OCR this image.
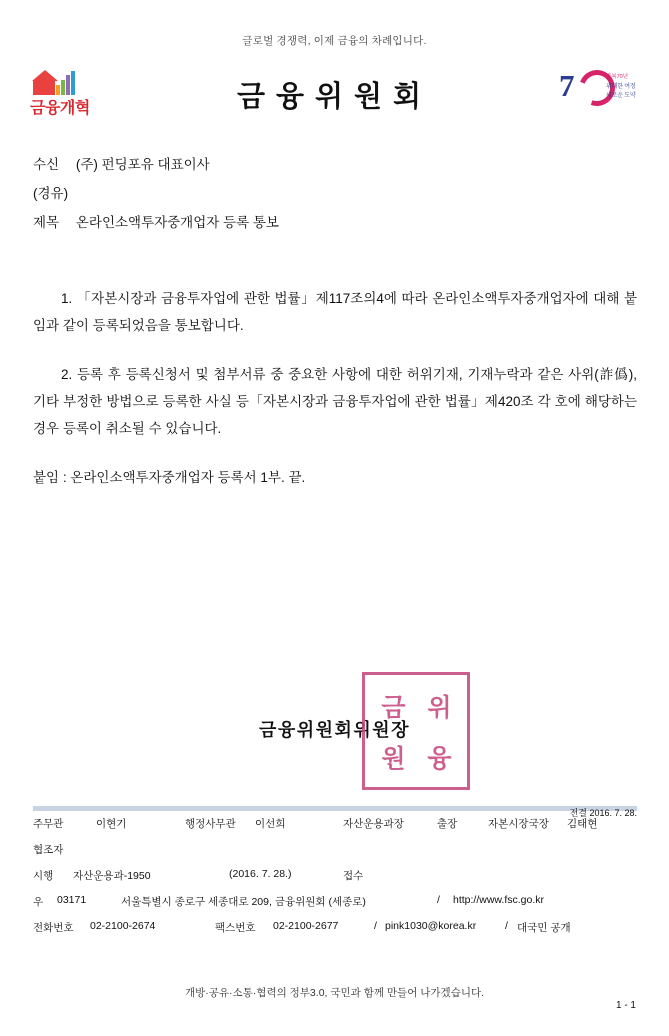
글로벌 경쟁력, 이제 금융의 차례입니다.
금융개혁	금융위원회	7	광복70년
위대한 여정
새로운 도약
수신 (주) 펀딩포유 대표이사
(경유)
제목 온라인소액투자중개업자 등록 통보

1. 「자본시장과 금융투자업에 관한 법률」제117조의4에 따라 온라인소액투자중개업자에 대해 붙임과 같이 등록되었음을 통보합니다.

2. 등록 후 등록신청서 및 첨부서류 중 중요한 사항에 대한 허위기재, 기재누락과 같은 사위(詐僞), 기타 부정한 방법으로 등록한 사실 등「자본시장과 금융투자업에 관한 법률」제420조 각 호에 해당하는 경우 등록이 취소될 수 있습니다.

붙임 : 온라인소액투자중개업자 등록서 1부. 끝.

금융위원회위원장
금 위
원 융
전결 2016. 7. 28.
주무관	이현기	행정사무관 이선희	자산운용과장	출장	자본시장국장 김태현
협조자
시행 자산운용과-1950	(2016. 7. 28.)	접수
우 03171	서울특별시 종로구 세종대로 209, 금융위원회 (세종로)	/ http://www.fsc.go.kr
전화번호 02-2100-2674	팩스번호 02-2100-2677	/ pink1030@korea.kr	/ 대국민 공개
개방·공유·소통·협력의 정부3.0, 국민과 함께 만들어 나가겠습니다.
1 - 1
